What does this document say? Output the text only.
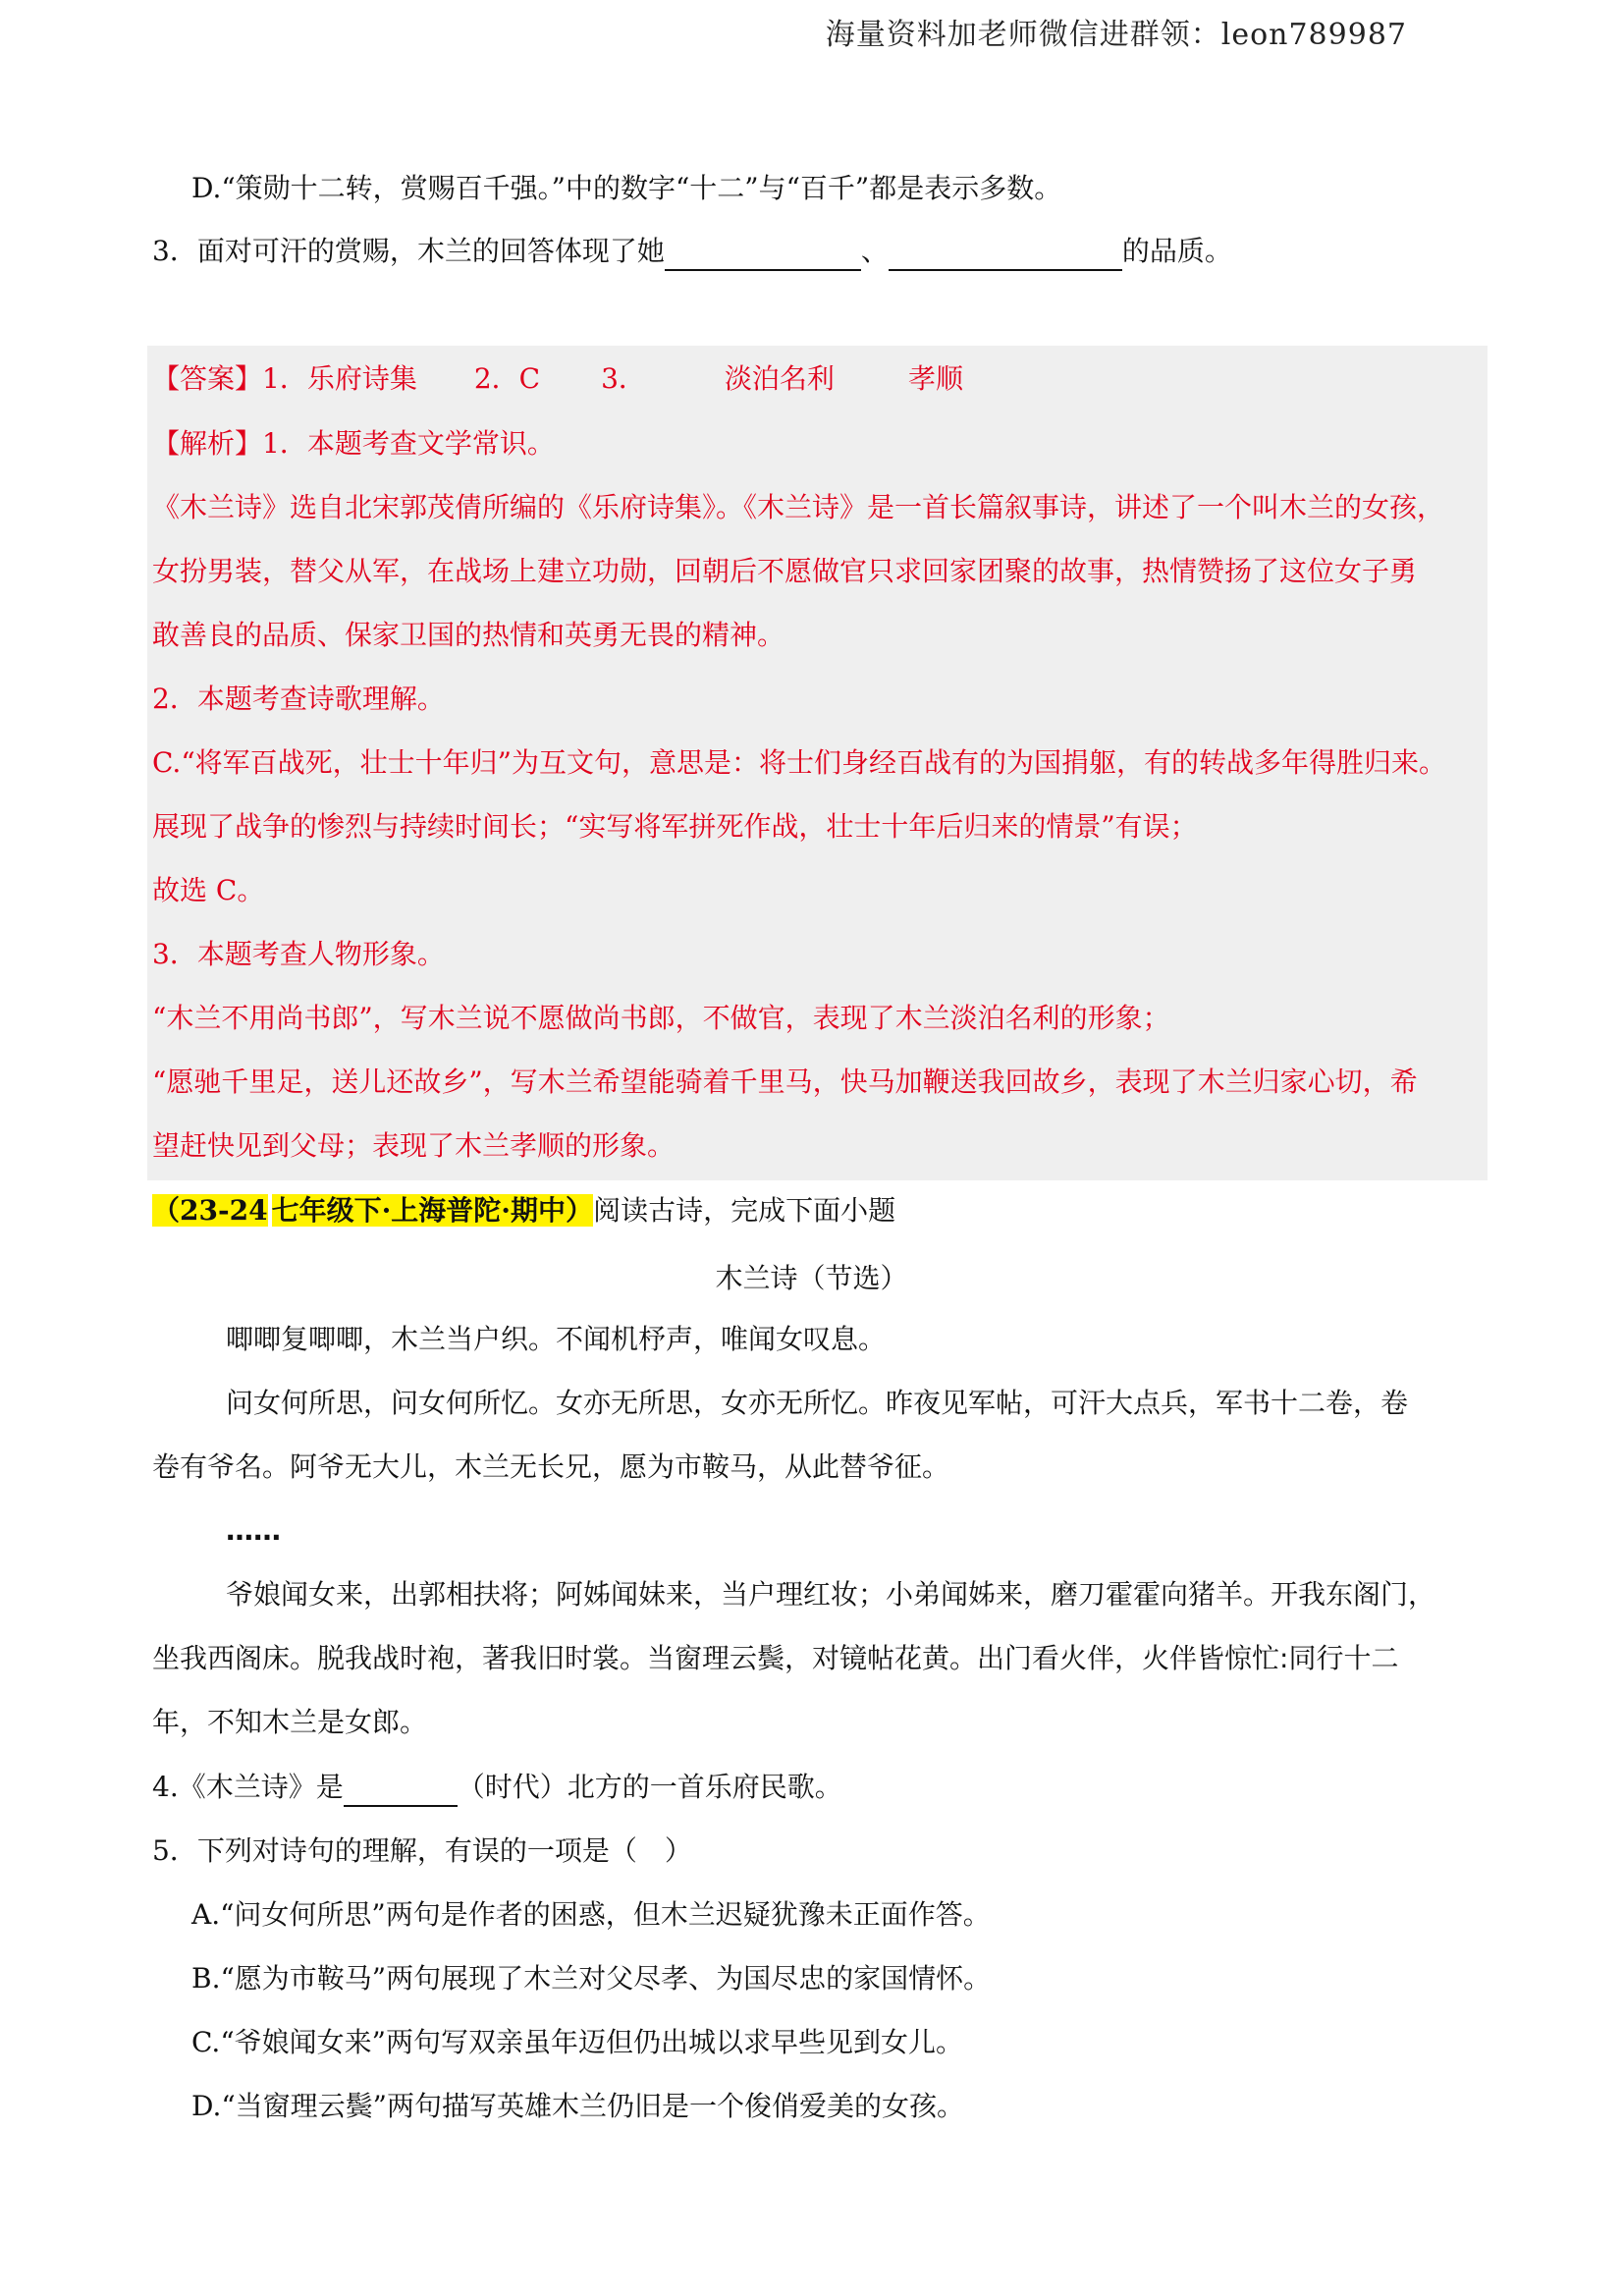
海量资料加老师微信进群领：leon789987
D.“策勋十二转，赏赐百千强。”中的数字“十二”与“百千”都是表示多数。
3．面对可汗的赏赐，木兰的回答体现了她	、	的品质。
【答案】1．乐府诗集 2．C 3．	淡泊名利	孝顺
【解析】1．本题考查文学常识。
《木兰诗》选自北宋郭茂倩所编的《乐府诗集》。《木兰诗》是一首长篇叙事诗，讲述了一个叫木兰的女孩，
女扮男装，替父从军，在战场上建立功勋，回朝后不愿做官只求回家团聚的故事，热情赞扬了这位女子勇
敢善良的品质、保家卫国的热情和英勇无畏的精神。
2．本题考查诗歌理解。
C.“将军百战死，壮士十年归”为互文句，意思是：将士们身经百战有的为国捐躯，有的转战多年得胜归来。
展现了战争的惨烈与持续时间长；“实写将军拼死作战，壮士十年后归来的情景”有误；
故选 C。
3．本题考查人物形象。
“木兰不用尚书郎”，写木兰说不愿做尚书郎，不做官，表现了木兰淡泊名利的形象；
“愿驰千里足，送儿还故乡”，写木兰希望能骑着千里马，快马加鞭送我回故乡，表现了木兰归家心切，希
望赶快见到父母；表现了木兰孝顺的形象。
（23-24 七年级下·上海普陀·期中）阅读古诗，完成下面小题
木兰诗（节选）
唧唧复唧唧，木兰当户织。不闻机杼声，唯闻女叹息。
问女何所思，问女何所忆。女亦无所思，女亦无所忆。昨夜见军帖，可汗大点兵，军书十二卷，卷
卷有爷名。阿爷无大儿，木兰无长兄，愿为市鞍马，从此替爷征。
……
爷娘闻女来，出郭相扶将；阿姊闻妹来，当户理红妆；小弟闻姊来，磨刀霍霍向猪羊。开我东阁门，
坐我西阁床。脱我战时袍，著我旧时裳。当窗理云鬓，对镜帖花黄。出门看火伴，火伴皆惊忙:同行十二
年，不知木兰是女郎。
4.《木兰诗》是	（时代）北方的一首乐府民歌。
5．下列对诗句的理解，有误的一项是（　）
A.“问女何所思”两句是作者的困惑，但木兰迟疑犹豫未正面作答。
B.“愿为市鞍马”两句展现了木兰对父尽孝、为国尽忠的家国情怀。
C.“爷娘闻女来”两句写双亲虽年迈但仍出城以求早些见到女儿。
D.“当窗理云鬓”两句描写英雄木兰仍旧是一个俊俏爱美的女孩。
